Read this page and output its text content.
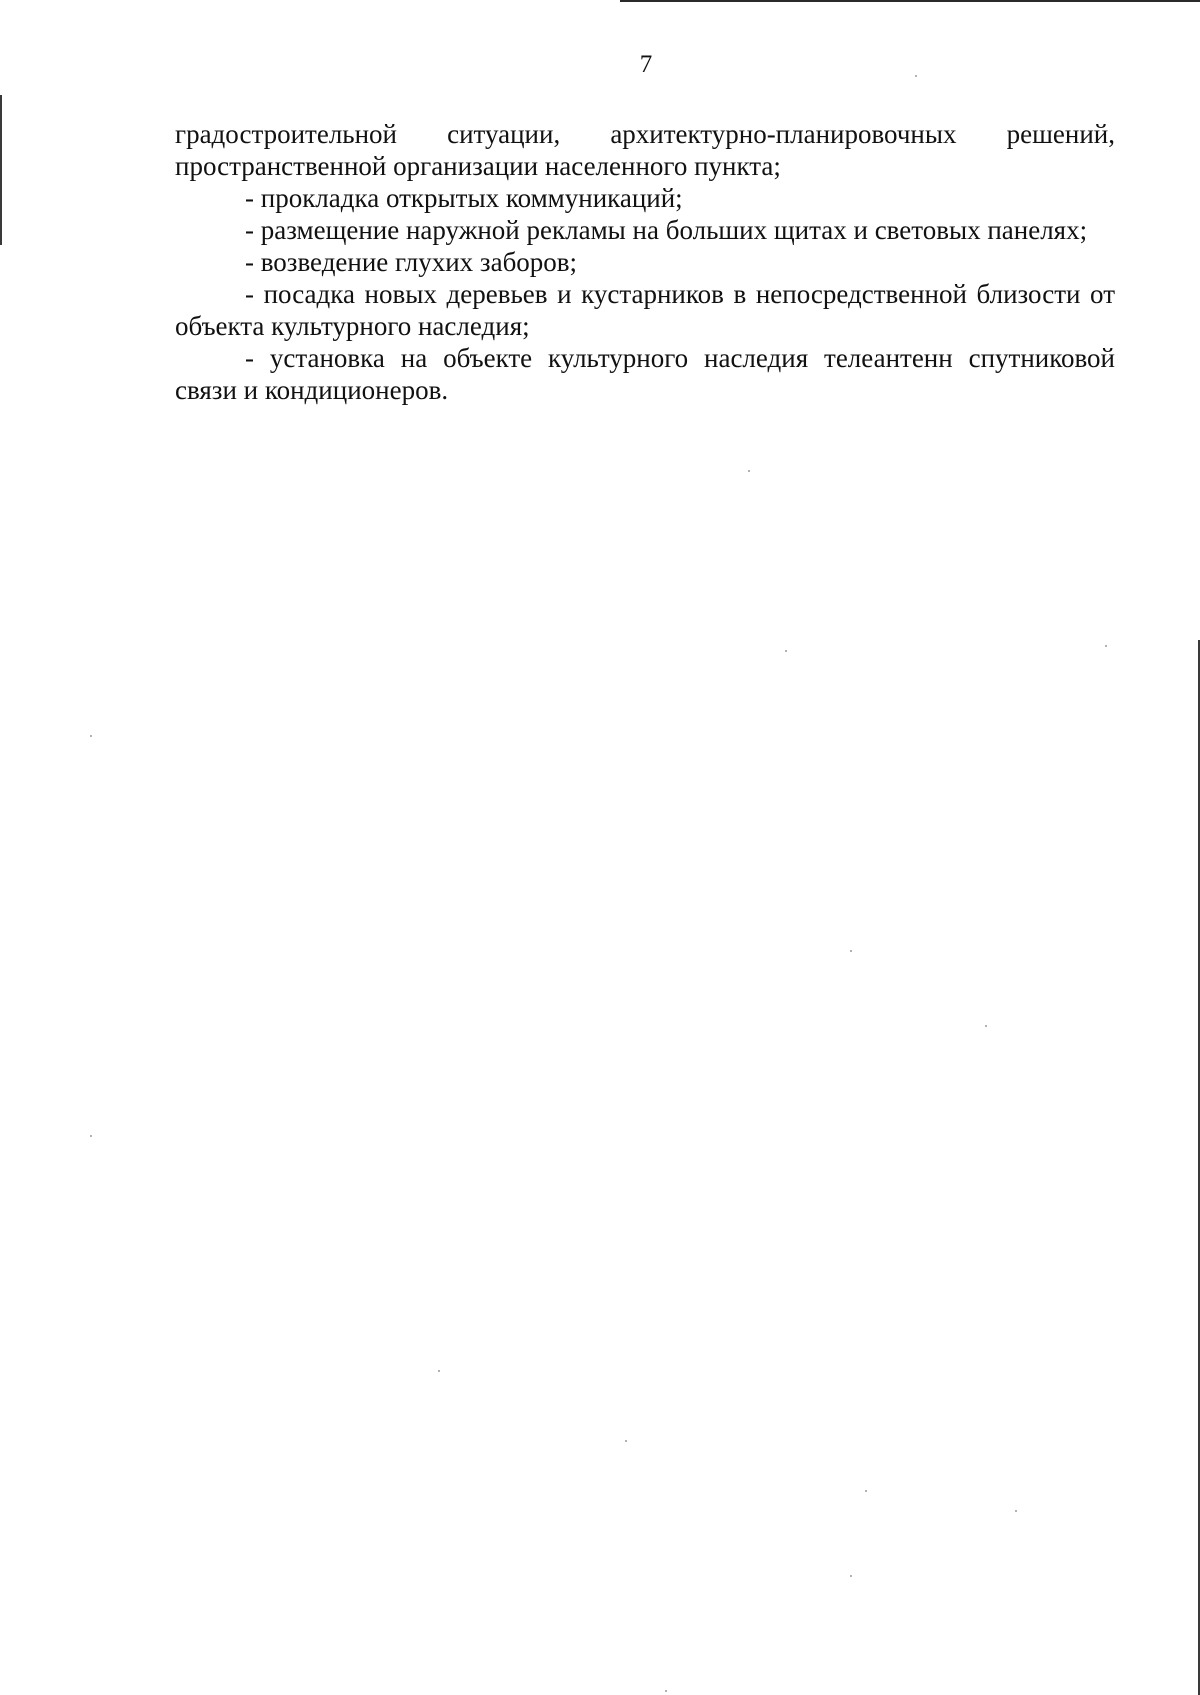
7

градостроительной ситуации, архитектурно-планировочных решений, пространственной организации населенного пункта;

- прокладка открытых коммуникаций;

- размещение наружной рекламы на больших щитах и световых панелях;

- возведение глухих заборов;

- посадка новых деревьев и кустарников в непосредственной близости от объекта культурного наследия;

- установка на объекте культурного наследия телеантенн спутниковой связи и кондиционеров.
